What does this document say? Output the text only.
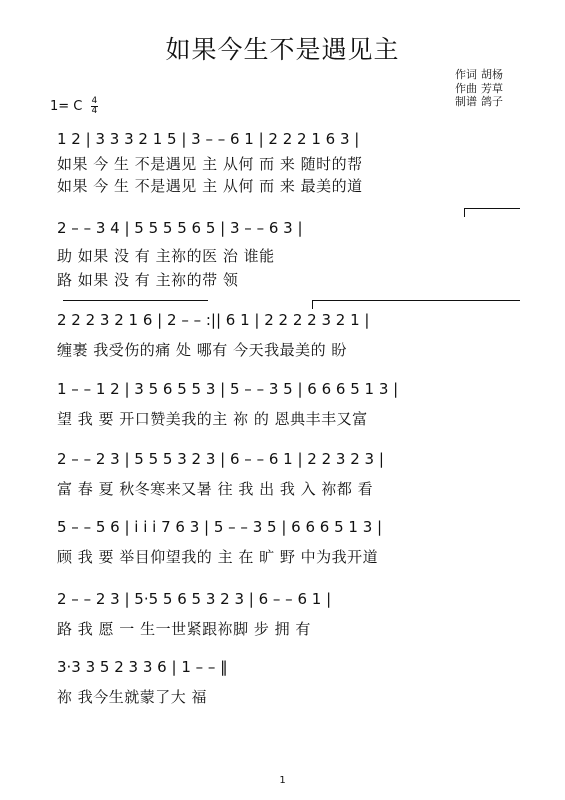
如果今生不是遇见主
作词 胡杨
作曲 芳草
制谱 鸽子
1= C $\frac{4}{4}$
1 2 | 3 3 3 2 1 5 | 3 – – 6 1 | 2 2 2 1 6 3 |
如果 今 生 不是遇见 主 从何 而 来 随时的帮
如果 今 生 不是遇见 主 从何 而 来 最美的道
2 – – 3 4 | 5 5 5 5 6 5 | 3 – – 6 3 |
助 如果 没 有 主祢的医 治 谁能
路 如果 没 有 主祢的带 领
2 2 2 3 2 1 6 | 2 – – :|| 6 1 | 2 2 2 2 3 2 1 |
缠裹 我受伤的痛 处 哪有 今天我最美的 盼
1 – – 1 2 | 3 5 6 5 5 3 | 5 – – 3 5 | 6 6 6 5 1 3 |
望 我 要 开口赞美我的主 祢 的 恩典丰丰又富
2 – – 2 3 | 5 5 5 3 2 3 | 6 – – 6 1 | 2 2 3 2 3 |
富 春 夏 秋冬寒来又暑 往 我 出 我 入 祢都 看
5 – – 5 6 | i i i 7 6 3 | 5 – – 3 5 | 6 6 6 5 1 3 |
顾 我 要 举目仰望我的 主 在 旷 野 中为我开道
2 – – 2 3 | 5·5 5 6 5 3 2 3 | 6 – – 6 1 |
路 我 愿 一 生一世紧跟祢脚 步 拥 有
3·3 3 5 2 3 3 6 | 1 – – ‖
祢 我今生就蒙了大 福
1
